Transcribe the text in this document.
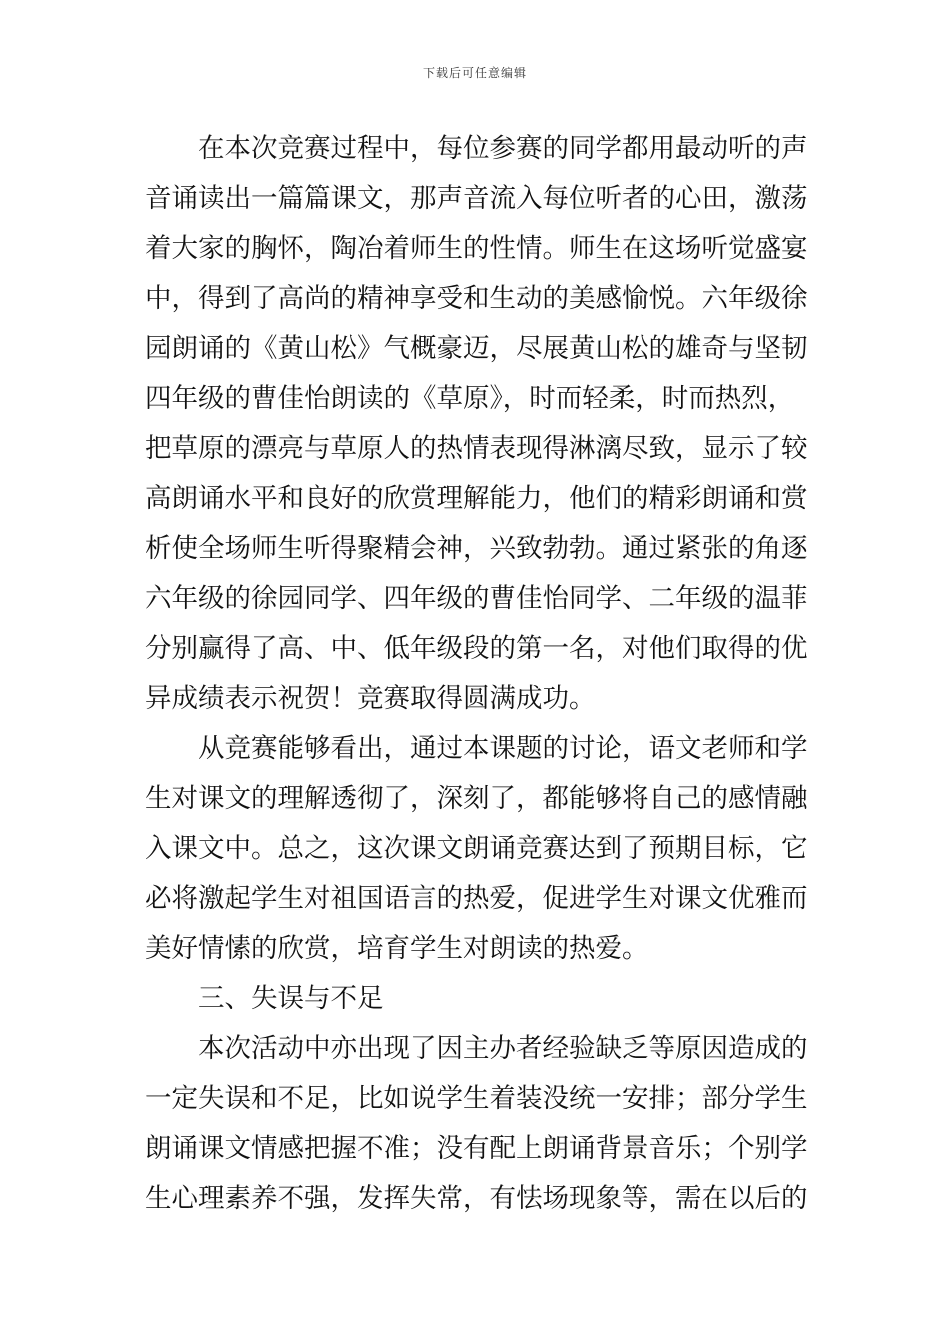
下载后可任意编辑
在本次竞赛过程中，每位参赛的同学都用最动听的声
音诵读出一篇篇课文，那声音流入每位听者的心田，激荡
着大家的胸怀，陶冶着师生的性情。师生在这场听觉盛宴
中，得到了高尚的精神享受和生动的美感愉悦。六年级徐
园朗诵的《黄山松》气概豪迈，尽展黄山松的雄奇与坚韧
四年级的曹佳怡朗读的《草原》，时而轻柔，时而热烈，
把草原的漂亮与草原人的热情表现得淋漓尽致，显示了较
高朗诵水平和良好的欣赏理解能力，他们的精彩朗诵和赏
析使全场师生听得聚精会神，兴致勃勃。通过紧张的角逐
六年级的徐园同学、四年级的曹佳怡同学、二年级的温菲
分别赢得了高、中、低年级段的第一名，对他们取得的优
异成绩表示祝贺！竞赛取得圆满成功。
从竞赛能够看出，通过本课题的讨论，语文老师和学
生对课文的理解透彻了，深刻了，都能够将自己的感情融
入课文中。总之，这次课文朗诵竞赛达到了预期目标，它
必将激起学生对祖国语言的热爱，促进学生对课文优雅而
美好情愫的欣赏，培育学生对朗读的热爱。
三、失误与不足
本次活动中亦出现了因主办者经验缺乏等原因造成的
一定失误和不足，比如说学生着装没统一安排；部分学生
朗诵课文情感把握不准；没有配上朗诵背景音乐；个别学
生心理素养不强，发挥失常，有怯场现象等，需在以后的
